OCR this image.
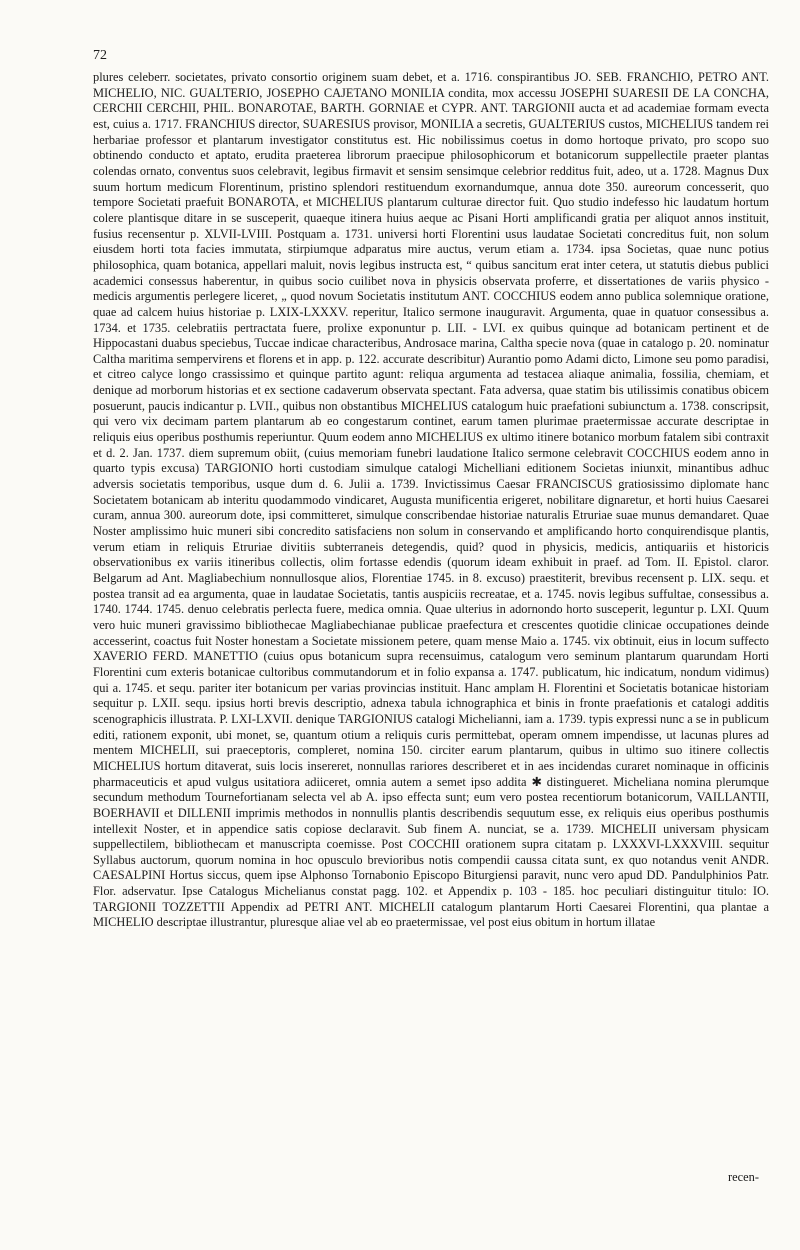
72

plures celeberr. societates, privato consortio originem suam debet, et a. 1716. conspirantibus JO. SEB. FRANCHIO, PETRO ANT. MICHELIO, NIC. GUALTERIO, JOSEPHO CAJETANO MONILIA condita, mox accessu JOSEPHI SUARESII DE LA CONCHA, CERCHII CERCHII, PHIL. BONAROTAE, BARTH. GORNIAE et CYPR. ANT. TARGIONII aucta et ad academiae formam evecta est, cuius a. 1717. FRANCHIUS director, SUARESIUS provisor, MONILIA a secretis, GUALTERIUS custos, MICHELIUS tandem rei herbariae professor et plantarum investigator constitutus est. Hic nobilissimus coetus in domo hortoque privato, pro scopo suo obtinendo conducto et aptato, erudita praeterea librorum praecipue philosophicorum et botanicorum suppellectile praeter plantas colendas ornato, conventus suos celebravit, legibus firmavit et sensim sensimque celebrior redditus fuit, adeo, ut a. 1728. Magnus Dux suum hortum medicum Florentinum, pristino splendori restituendum exornandumque, annua dote 350. aureorum concesserit, quo tempore Societati praefuit BONAROTA, et MICHELIUS plantarum culturae director fuit. Quo studio indefesso hic laudatum hortum colere plantisque ditare in se susceperit, quaeque itinera huius aeque ac Pisani Horti amplificandi gratia per aliquot annos instituit, fusius recensentur p. XLVII-LVIII. Postquam a. 1731. universi horti Florentini usus laudatae Societati concreditus fuit, non solum eiusdem horti tota facies immutata, stirpiumque adparatus mire auctus, verum etiam a. 1734. ipsa Societas, quae nunc potius philosophica, quam botanica, appellari maluit, novis legibus instructa est, “ quibus sancitum erat inter cetera, ut statutis diebus publici academici consessus haberentur, in quibus socio cuilibet nova in physicis observata proferre, et dissertationes de variis physico - medicis argumentis perlegere liceret, „ quod novum Societatis institutum ANT. COCCHIUS eodem anno publica solemnique oratione, quae ad calcem huius historiae p. LXIX-LXXXV. reperitur, Italico sermone inauguravit. Argumenta, quae in quatuor consessibus a. 1734. et 1735. celebratiis pertractata fuere, prolixe exponuntur p. LII. - LVI. ex quibus quinque ad botanicam pertinent et de Hippocastani duabus speciebus, Tuccae indicae characteribus, Androsace marina, Caltha specie nova (quae in catalogo p. 20. nominatur Caltha maritima sempervirens et florens et in app. p. 122. accurate describitur) Aurantio pomo Adami dicto, Limone seu pomo paradisi, et citreo calyce longo crassissimo et quinque partito agunt: reliqua argumenta ad testacea aliaque animalia, fossilia, chemiam, et denique ad morborum historias et ex sectione cadaverum observata spectant. Fata adversa, quae statim bis utilissimis conatibus obicem posuerunt, paucis indicantur p. LVII., quibus non obstantibus MICHELIUS catalogum huic praefationi subiunctum a. 1738. conscripsit, qui vero vix decimam partem plantarum ab eo congestarum continet, earum tamen plurimae praetermissae accurate descriptae in reliquis eius operibus posthumis reperiuntur. Quum eodem anno MICHELIUS ex ultimo itinere botanico morbum fatalem sibi contraxit et d. 2. Jan. 1737. diem supremum obiit, (cuius memoriam funebri laudatione Italico sermone celebravit COCCHIUS eodem anno in quarto typis excusa) TARGIONIO horti custodiam simulque catalogi Michelliani editionem Societas iniunxit, minantibus adhuc adversis societatis temporibus, usque dum d. 6. Julii a. 1739. Invictissimus Caesar FRANCISCUS gratiosissimo diplomate hanc Societatem botanicam ab interitu quodammodo vindicaret, Augusta munificentia erigeret, nobilitare dignaretur, et horti huius Caesarei curam, annua 300. aureorum dote, ipsi committeret, simulque conscribendae historiae naturalis Etruriae suae munus demandaret. Quae Noster amplissimo huic muneri sibi concredito satisfaciens non solum in conservando et amplificando horto conquirendisque plantis, verum etiam in reliquis Etruriae divitiis subterraneis detegendis, quid? quod in physicis, medicis, antiquariis et historicis observationibus ex variis itineribus collectis, olim fortasse edendis (quorum ideam exhibuit in praef. ad Tom. II. Epistol. claror. Belgarum ad Ant. Magliabechium nonnullosque alios, Florentiae 1745. in 8. excuso) praestiterit, brevibus recensent p. LIX. sequ. et postea transit ad ea argumenta, quae in laudatae Societatis, tantis auspiciis recreatae, et a. 1745. novis legibus suffultae, consessibus a. 1740. 1744. 1745. denuo celebratis perlecta fuere, medica omnia. Quae ulterius in adornondo horto susceperit, leguntur p. LXI. Quum vero huic muneri gravissimo bibliothecae Magliabechianae publicae praefectura et crescentes quotidie clinicae occupationes deinde accesserint, coactus fuit Noster honestam a Societate missionem petere, quam mense Maio a. 1745. vix obtinuit, eius in locum suffecto XAVERIO FERD. MANETTIO (cuius opus botanicum supra recensuimus, catalogum vero seminum plantarum quarundam Horti Florentini cum exteris botanicae cultoribus commutandorum et in folio expansa a. 1747. publicatum, hic indicatum, nondum vidimus) qui a. 1745. et sequ. pariter iter botanicum per varias provincias instituit. Hanc amplam H. Florentini et Societatis botanicae historiam sequitur p. LXII. sequ. ipsius horti brevis descriptio, adnexa tabula ichnographica et binis in fronte praefationis et catalogi additis scenographicis illustrata. P. LXI-LXVII. denique TARGIONIUS catalogi Michelianni, iam a. 1739. typis expressi nunc a se in publicum editi, rationem exponit, ubi monet, se, quantum otium a reliquis curis permittebat, operam omnem impendisse, ut lacunas plures ad mentem MICHELII, sui praeceptoris, compleret, nomina 150. circiter earum plantarum, quibus in ultimo suo itinere collectis MICHELIUS hortum ditaverat, suis locis insereret, nonnullas rariores describeret et in aes incidendas curaret nominaque in officinis pharmaceuticis et apud vulgus usitatiora adiiceret, omnia autem a semet ipso addita ✱ distingueret. Micheliana nomina plerumque secundum methodum Tournefortianam selecta vel ab A. ipso effecta sunt; eum vero postea recentiorum botanicorum, VAILLANTII, BOERHAVII et DILLENII imprimis methodos in nonnullis plantis describendis sequutum esse, ex reliquis eius operibus posthumis intellexit Noster, et in appendice satis copiose declaravit. Sub finem A. nunciat, se a. 1739. MICHELII universam physicam suppellectilem, bibliothecam et manuscripta coemisse. Post COCCHII orationem supra citatam p. LXXXVI-LXXXVIII. sequitur Syllabus auctorum, quorum nomina in hoc opusculo brevioribus notis compendii caussa citata sunt, ex quo notandus venit ANDR. CAESALPINI Hortus siccus, quem ipse Alphonso Tornabonio Episcopo Biturgiensi paravit, nunc vero apud DD. Pandulphinios Patr. Flor. adservatur. Ipse Catalogus Michelianus constat pagg. 102. et Appendix p. 103 - 185. hoc peculiari distinguitur titulo: IO. TARGIONII TOZZETTII Appendix ad PETRI ANT. MICHELII catalogum plantarum Horti Caesarei Florentini, qua plantae a MICHELIO descriptae illustrantur, pluresque aliae vel ab eo praetermissae, vel post eius obitum in hortum illatae

recen-
